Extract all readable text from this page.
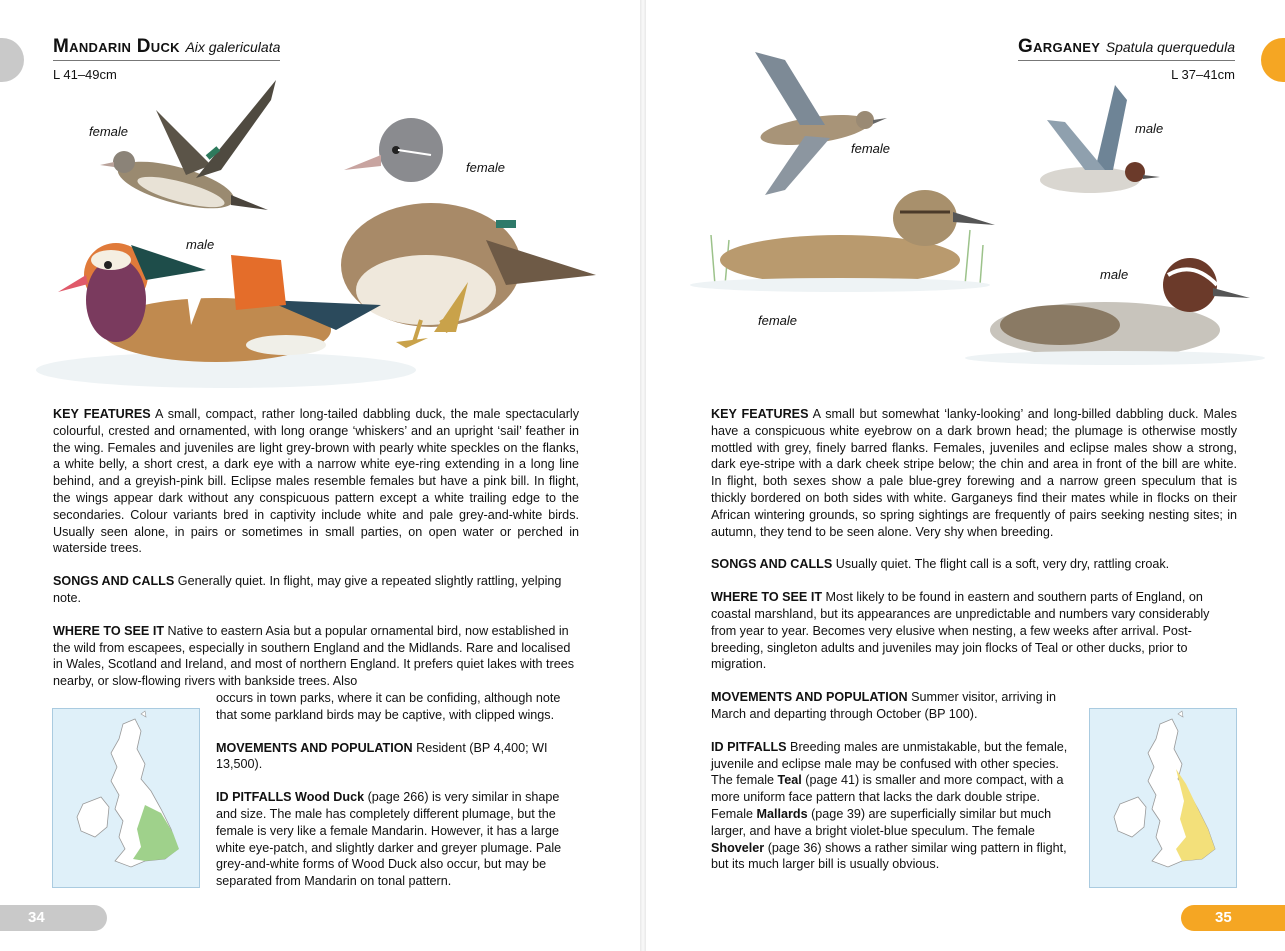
Mandarin Duck Aix galericulata
L 41–49cm
female
female
male

KEY FEATURES A small, compact, rather long-tailed dabbling duck, the male spectacularly colourful, crested and ornamented, with long orange ‘whiskers’ and an upright ‘sail’ feather in the wing. Females and juveniles are light grey-brown with pearly white speckles on the flanks, a white belly, a short crest, a dark eye with a narrow white eye-ring extending in a long line behind, and a greyish-pink bill. Eclipse males resemble females but have a pink bill. In flight, the wings appear dark without any conspicuous pattern except a white trailing edge to the secondaries. Colour variants bred in captivity include white and pale grey-and-white birds. Usually seen alone, in pairs or sometimes in small parties, on open water or perched in waterside trees.

SONGS AND CALLS Generally quiet. In flight, may give a repeated slightly rattling, yelping note.

WHERE TO SEE IT Native to eastern Asia but a popular ornamental bird, now established in the wild from escapees, especially in southern England and the Midlands. Rare and localised in Wales, Scotland and Ireland, and most of northern England. It prefers quiet lakes with trees nearby, or slow-flowing rivers with bankside trees. Also

occurs in town parks, where it can be confiding, although note that some parkland birds may be captive, with clipped wings.

MOVEMENTS AND POPULATION Resident (BP 4,400; WI 13,500).

ID PITFALLS Wood Duck (page 266) is very similar in shape and size. The male has completely different plumage, but the female is very like a female Mandarin. However, it has a large white eye-patch, and slightly darker and greyer plumage. Pale grey-and-white forms of Wood Duck also occur, but may be separated from Mandarin on tonal pattern.

34
Garganey Spatula querquedula
L 37–41cm
female
male
female
male

KEY FEATURES A small but somewhat ‘lanky-looking’ and long-billed dabbling duck. Males have a conspicuous white eyebrow on a dark brown head; the plumage is otherwise mostly mottled with grey, finely barred flanks. Females, juveniles and eclipse males show a strong, dark eye-stripe with a dark cheek stripe below; the chin and area in front of the bill are white. In flight, both sexes show a pale blue-grey forewing and a narrow green speculum that is thickly bordered on both sides with white. Garganeys find their mates while in flocks on their African wintering grounds, so spring sightings are frequently of pairs seeking nesting sites; in autumn, they tend to be seen alone. Very shy when breeding.

SONGS AND CALLS Usually quiet. The flight call is a soft, very dry, rattling croak.

WHERE TO SEE IT Most likely to be found in eastern and southern parts of England, on coastal marshland, but its appearances are unpredictable and numbers vary considerably from year to year. Becomes very elusive when nesting, a few weeks after arrival. Post-breeding, singleton adults and juveniles may join flocks of Teal or other ducks, prior to migration.

MOVEMENTS AND POPULATION Summer visitor, arriving in March and departing through October (BP 100).

ID PITFALLS Breeding males are unmistakable, but the female, juvenile and eclipse male may be confused with other species. The female Teal (page 41) is smaller and more compact, with a more uniform face pattern that lacks the dark double stripe. Female Mallards (page 39) are superficially similar but much larger, and have a bright violet-blue speculum. The female Shoveler (page 36) shows a rather similar wing pattern in flight, but its much larger bill is usually obvious.

35
